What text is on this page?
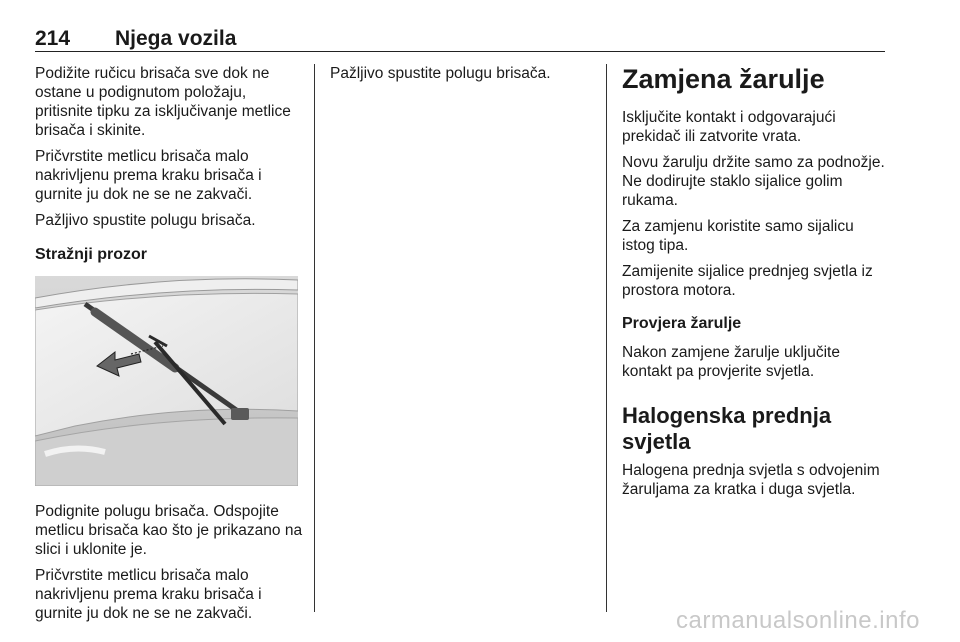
214 Njega vozila

Podižite ručicu brisača sve dok ne ostane u podignutom položaju, pritisnite tipku za isključivanje metlice brisača i skinite.

Pričvrstite metlicu brisača malo nakrivljenu prema kraku brisača i gurnite ju dok ne se ne zakvači.

Pažljivo spustite polugu brisača.

Stražnji prozor

Podignite polugu brisača. Odspojite metlicu brisača kao što je prikazano na slici i uklonite je.

Pričvrstite metlicu brisača malo nakrivljenu prema kraku brisača i gurnite ju dok ne se ne zakvači.

Pažljivo spustite polugu brisača.	Zamjena žarulje

Isključite kontakt i odgovarajući prekidač ili zatvorite vrata.

Novu žarulju držite samo za podnožje. Ne dodirujte staklo sijalice golim rukama.

Za zamjenu koristite samo sijalicu istog tipa.

Zamijenite sijalice prednjeg svjetla iz prostora motora.

Provjera žarulje

Nakon zamjene žarulje uključite kontakt pa provjerite svjetla.

Halogenska prednja svjetla

Halogena prednja svjetla s odvojenim žaruljama za kratka i duga svjetla.

carmanualsonline.info
